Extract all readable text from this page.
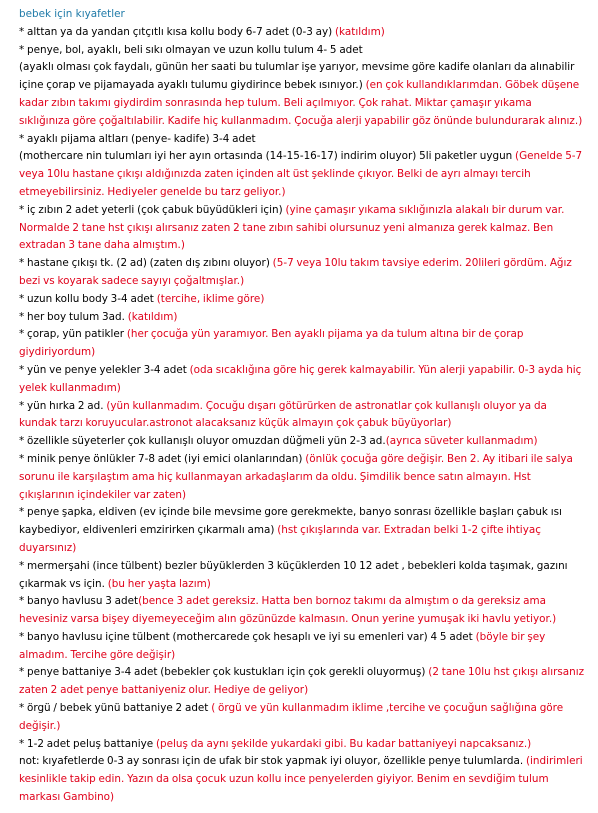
bebek için kıyafetler

* alttan ya da yandan çıtçıtlı kısa kollu body 6-7 adet (0-3 ay) (katıldım)

* penye, bol, ayaklı, beli sıkı olmayan ve uzun kollu tulum 4- 5 adet
(ayaklı olması çok faydalı, günün her saati bu tulumlar işe yarıyor, mevsime göre kadife olanları da alınabilir içine çorap ve pijamayada ayaklı tulumu giydirince bebek ısınıyor.) (en çok kullandıklarımdan. Göbek düşene kadar zıbın takımı giydirdim sonrasında hep tulum. Beli açılmıyor. Çok rahat. Miktar çamaşır yıkama sıklığınıza göre çoğaltılabilir. Kadife hiç kullanmadım. Çocuğa alerji yapabilir göz önünde bulundurarak alınız.)

* ayaklı pijama altları (penye- kadife) 3-4 adet
(mothercare nin tulumları iyi her ayın ortasında (14-15-16-17) indirim oluyor) 5li paketler uygun (Genelde 5-7 veya 10lu hastane çıkışı aldığınızda zaten içinden alt üst şeklinde çıkıyor. Belki de ayrı almayı tercih etmeyebilirsiniz. Hediyeler genelde bu tarz geliyor.)

* iç zıbın 2 adet yeterli (çok çabuk büyüdükleri için) (yine çamaşır yıkama sıklığınızla alakalı bir durum var. Normalde 2 tane hst çıkışı alırsanız zaten 2 tane zıbın sahibi olursunuz yeni almanıza gerek kalmaz. Ben extradan 3 tane daha almıştım.)

* hastane çıkışı tk. (2 ad) (zaten dış zıbını oluyor) (5-7 veya 10lu takım tavsiye ederim. 20lileri gördüm. Ağız bezi vs koyarak sadece sayıyı çoğaltmışlar.)

* uzun kollu body 3-4 adet (tercihe, iklime göre)

* her boy tulum 3ad. (katıldım)

* çorap, yün patikler (her çocuğa yün yaramıyor. Ben ayaklı pijama ya da tulum altına bir de çorap giydiriyordum)

* yün ve penye yelekler 3-4 adet (oda sıcaklığına göre hiç gerek kalmayabilir. Yün alerji yapabilir. 0-3 ayda hiç yelek kullanmadım)

* yün hırka 2 ad. (yün kullanmadım. Çocuğu dışarı götürürken de astronatlar çok kullanışlı oluyor ya da kundak tarzı koruyucular.astronot alacaksanız küçük almayın çok çabuk büyüyorlar)

* özellikle süyeterler çok kullanışlı oluyor omuzdan düğmeli yün 2-3 ad.(ayrıca süveter kullanmadım)

* minik penye önlükler 7-8 adet (iyi emici olanlarından) (önlük çocuğa göre değişir. Ben 2. Ay itibari ile salya sorunu ile karşılaştım ama hiç kullanmayan arkadaşlarım da oldu. Şimdilik bence satın almayın. Hst çıkışlarının içindekiler var zaten)

* penye şapka, eldiven (ev içinde bile mevsime gore gerekmekte, banyo sonrası özellikle başları çabuk ısı kaybediyor, eldivenleri emzirirken çıkarmalı ama) (hst çıkışlarında var. Extradan belki 1-2 çifte ihtiyaç duyarsınız)

* mermerşahi (ince tülbent) bezler büyüklerden 3 küçüklerden 10 12 adet , bebekleri kolda taşımak, gazını çıkarmak vs için. (bu her yaşta lazım)

* banyo havlusu 3 adet(bence 3 adet gereksiz. Hatta ben bornoz takımı da almıştım o da gereksiz ama hevesiniz varsa bişey diyemeyeceğim alın gözünüzde kalmasın. Onun yerine yumuşak iki havlu yetiyor.)

* banyo havlusu içine tülbent (mothercarede çok hesaplı ve iyi su emenleri var) 4 5 adet (böyle bir şey almadım. Tercihe göre değişir)

* penye battaniye 3-4 adet (bebekler çok kustukları için çok gerekli oluyormuş) (2 tane 10lu hst çıkışı alırsanız zaten 2 adet penye battaniyeniz olur. Hediye de geliyor)

* örgü / bebek yünü battaniye 2 adet ( örgü ve yün kullanmadım iklime ,tercihe ve çocuğun sağlığına göre değişir.)

* 1-2 adet peluş battaniye (peluş da aynı şekilde yukardaki gibi. Bu kadar battaniyeyi napcaksanız.)

not: kıyafetlerde 0-3 ay sonrası için de ufak bir stok yapmak iyi oluyor, özellikle penye tulumlarda. (indirimleri kesinlikle takip edin. Yazın da olsa çocuk uzun kollu ince penyelerden giyiyor. Benim en sevdiğim tulum markası Gambino)
